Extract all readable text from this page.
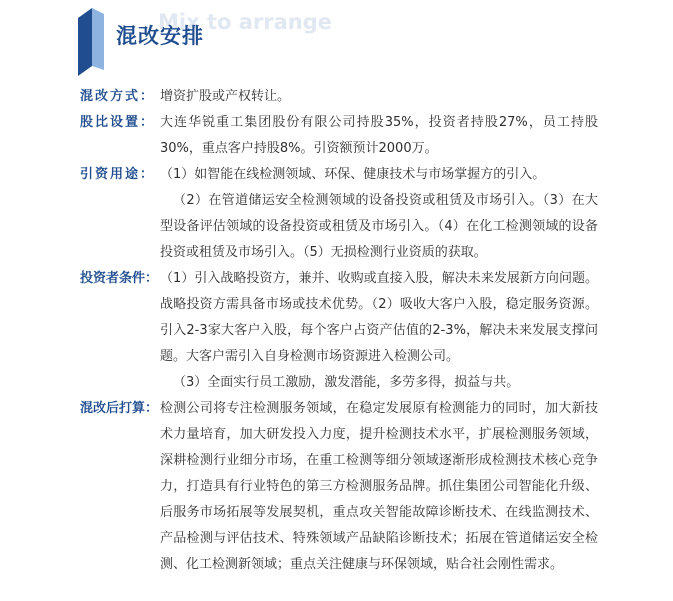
Mix to arrange
混改安排
混改方式： 增资扩股或产权转让。

股比设置： 大连华锐重工集团股份有限公司持股35%，投资者持股27%，员工持股30%，重点客户持股8%。引资额预计2000万。

引资用途： （1）如智能在线检测领域、环保、健康技术与市场掌握方的引入。

（2）在管道储运安全检测领域的设备投资或租赁及市场引入。（3）在大型设备评估领域的设备投资或租赁及市场引入。（4）在化工检测领域的设备投资或租赁及市场引入。（5）无损检测行业资质的获取。

投资者条件： （1）引入战略投资方，兼并、收购或直接入股，解决未来发展新方向问题。战略投资方需具备市场或技术优势。（2）吸收大客户入股，稳定服务资源。引入2-3家大客户入股，每个客户占资产估值的2-3%，解决未来发展支撑问题。大客户需引入自身检测市场资源进入检测公司。

（3）全面实行员工激励，激发潜能，多劳多得，损益与共。

混改后打算： 检测公司将专注检测服务领域，在稳定发展原有检测能力的同时，加大新技术力量培育，加大研发投入力度，提升检测技术水平，扩展检测服务领域，深耕检测行业细分市场，在重工检测等细分领域逐渐形成检测技术核心竞争力，打造具有行业特色的第三方检测服务品牌。抓住集团公司智能化升级、后服务市场拓展等发展契机，重点攻关智能故障诊断技术、在线监测技术、产品检测与评估技术、特殊领域产品缺陷诊断技术；拓展在管道储运安全检测、化工检测新领域；重点关注健康与环保领域，贴合社会刚性需求。
